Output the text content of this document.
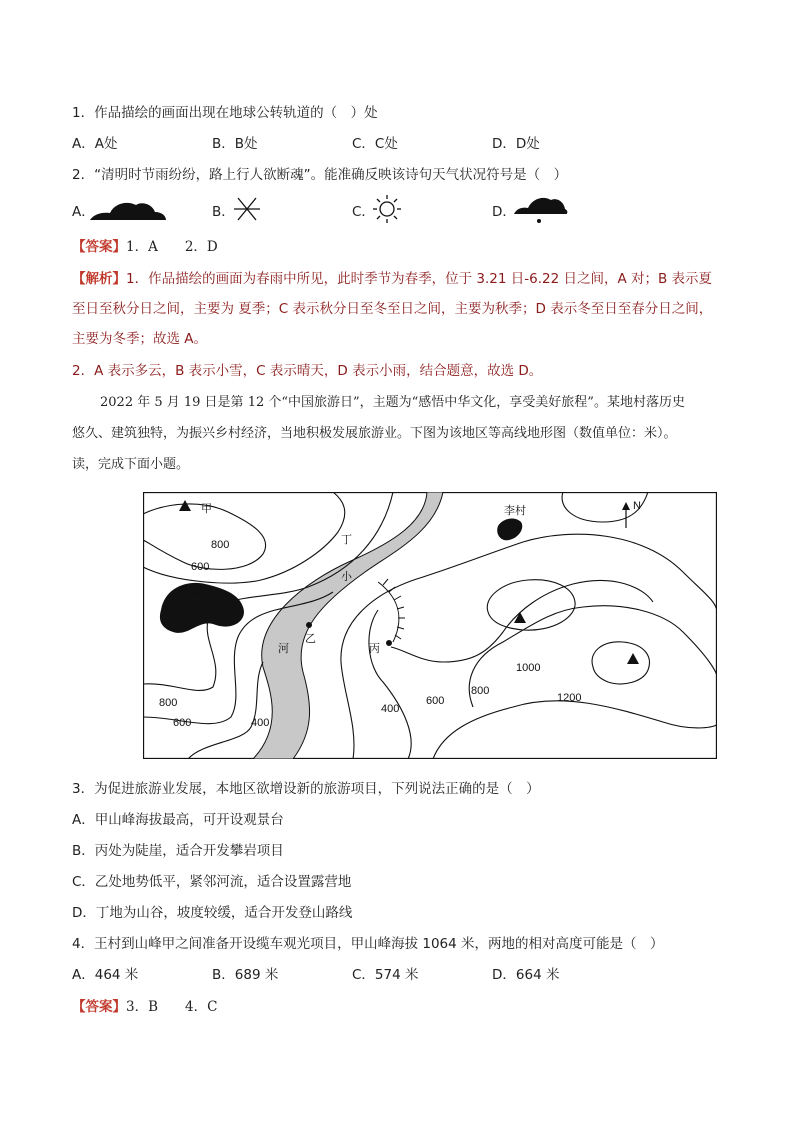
1．作品描绘的画面出现在地球公转轨道的（　）处
A．A处	B．B处	C．C处	D．D处
2．“清明时节雨纷纷，路上行人欲断魂”。能准确反映该诗句天气状况符号是（　）
A．	B．	C．	D．
【答案】1．A　　2．D
【解析】1．作品描绘的画面为春雨中所见，此时季节为春季，位于 3.21 日-6.22 日之间，A 对；B 表示夏
至日至秋分日之间，主要为 夏季；C 表示秋分日至冬至日之间，主要为秋季；D 表示冬至日至春分日之间，
主要为冬季；故选 A。
2．A 表示多云，B 表示小雪，C 表示晴天，D 表示小雨，结合题意，故选 D。
2022 年 5 月 19 日是第 12 个“中国旅游日”，主题为“感悟中华文化，享受美好旅程”。某地村落历史
悠久、建筑独特，为振兴乡村经济，当地积极发展旅游业。下图为该地区等高线地形图（数值单位：米）。
读，完成下面小题。
甲	李村	N
丁
王村
小
河
乙
丙
800
600
800
600	400
400
600
800
1000
1200
3．为促进旅游业发展，本地区欲增设新的旅游项目，下列说法正确的是（　）
A．甲山峰海拔最高，可开设观景台
B．丙处为陡崖，适合开发攀岩项目
C．乙处地势低平，紧邻河流，适合设置露营地
D．丁地为山谷，坡度较缓，适合开发登山路线
4．王村到山峰甲之间准备开设缆车观光项目，甲山峰海拔 1064 米，两地的相对高度可能是（　）
A．464 米	B．689 米	C．574 米	D．664 米
【答案】3．B　　4．C
